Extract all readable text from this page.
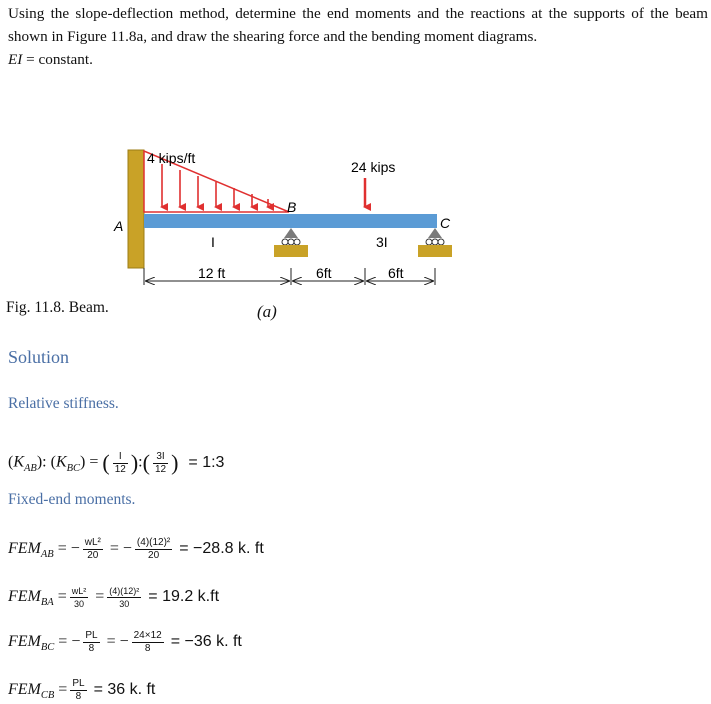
Using the slope-deflection method, determine the end moments and the reactions at the supports of the beam shown in Figure 11.8a, and draw the shearing force and the bending moment diagrams.
EI = constant.
A
4 kips/ft
24 kips
B
C
I	3I
12 ft	6ft	6ft
Fig. 11.8. Beam.	(a)
Solution
Relative stiffness.
$(K_{AB})$: $(K_{BC})$ = ( $\frac{I}{12}$ ):( $\frac{3I}{12}$ ) = 1:3
Fixed-end moments.
$FEM_{AB}$ = − $\frac{\text{wL²}}{20}$ = − $\frac{\text{(4)(12)²}}{20} = -28.8$ k. ft
$FEM_{BA} = \frac{\text{wL²}}{30} = \frac{\text{(4)(12)²}}{30} = 19.2$ k.ft
$FEM_{BC}$ = − $\frac{PL}{8}$ = − $\frac{24\times 12}{8} = -36$ k. ft
$FEM_{CB} = \frac{PL}{8} = 36$ k. ft
